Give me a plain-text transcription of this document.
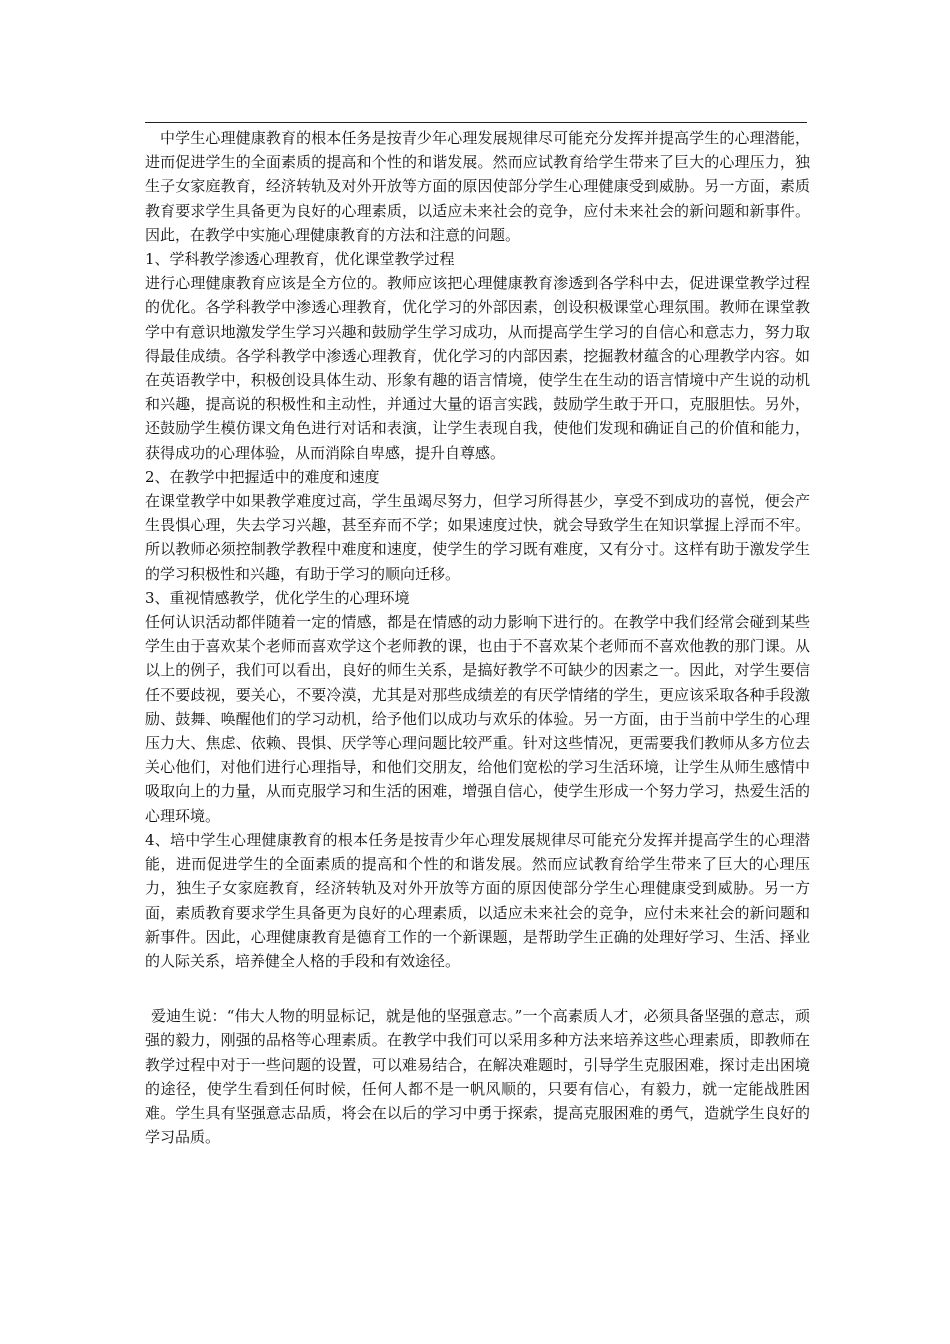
中学生心理健康教育的根本任务是按青少年心理发展规律尽可能充分发挥并提高学生的心理潜能，进而促进学生的全面素质的提高和个性的和谐发展。然而应试教育给学生带来了巨大的心理压力，独生子女家庭教育，经济转轨及对外开放等方面的原因使部分学生心理健康受到威胁。另一方面，素质教育要求学生具备更为良好的心理素质，以适应未来社会的竞争，应付未来社会的新问题和新事件。因此，在教学中实施心理健康教育的方法和注意的问题。

1、学科教学渗透心理教育，优化课堂教学过程

进行心理健康教育应该是全方位的。教师应该把心理健康教育渗透到各学科中去，促进课堂教学过程的优化。各学科教学中渗透心理教育，优化学习的外部因素，创设积极课堂心理氛围。教师在课堂教学中有意识地激发学生学习兴趣和鼓励学生学习成功，从而提高学生学习的自信心和意志力，努力取得最佳成绩。各学科教学中渗透心理教育，优化学习的内部因素，挖掘教材蕴含的心理教学内容。如在英语教学中，积极创设具体生动、形象有趣的语言情境，使学生在生动的语言情境中产生说的动机和兴趣，提高说的积极性和主动性，并通过大量的语言实践，鼓励学生敢于开口，克服胆怯。另外，还鼓励学生模仿课文角色进行对话和表演，让学生表现自我，使他们发现和确证自己的价值和能力，获得成功的心理体验，从而消除自卑感，提升自尊感。

2、在教学中把握适中的难度和速度

在课堂教学中如果教学难度过高，学生虽竭尽努力，但学习所得甚少，享受不到成功的喜悦，便会产生畏惧心理，失去学习兴趣，甚至弃而不学；如果速度过快，就会导致学生在知识掌握上浮而不牢。所以教师必须控制教学教程中难度和速度，使学生的学习既有难度，又有分寸。这样有助于激发学生的学习积极性和兴趣，有助于学习的顺向迁移。

3、重视情感教学，优化学生的心理环境

任何认识活动都伴随着一定的情感，都是在情感的动力影响下进行的。在教学中我们经常会碰到某些学生由于喜欢某个老师而喜欢学这个老师教的课，也由于不喜欢某个老师而不喜欢他教的那门课。从以上的例子，我们可以看出，良好的师生关系，是搞好教学不可缺少的因素之一。因此，对学生要信任不要歧视，要关心，不要冷漠，尤其是对那些成绩差的有厌学情绪的学生，更应该采取各种手段激励、鼓舞、唤醒他们的学习动机，给予他们以成功与欢乐的体验。另一方面，由于当前中学生的心理压力大、焦虑、依赖、畏惧、厌学等心理问题比较严重。针对这些情况，更需要我们教师从多方位去关心他们，对他们进行心理指导，和他们交朋友，给他们宽松的学习生活环境，让学生从师生感情中吸取向上的力量，从而克服学习和生活的困难，增强自信心，使学生形成一个努力学习，热爱生活的心理环境。

4、培中学生心理健康教育的根本任务是按青少年心理发展规律尽可能充分发挥并提高学生的心理潜能，进而促进学生的全面素质的提高和个性的和谐发展。然而应试教育给学生带来了巨大的心理压力，独生子女家庭教育，经济转轨及对外开放等方面的原因使部分学生心理健康受到威胁。另一方面，素质教育要求学生具备更为良好的心理素质，以适应未来社会的竞争，应付未来社会的新问题和新事件。因此，心理健康教育是德育工作的一个新课题，是帮助学生正确的处理好学习、生活、择业的人际关系，培养健全人格的手段和有效途径。

爱迪生说：“伟大人物的明显标记，就是他的坚强意志。”一个高素质人才，必须具备坚强的意志，顽强的毅力，刚强的品格等心理素质。在教学中我们可以采用多种方法来培养这些心理素质，即教师在教学过程中对于一些问题的设置，可以难易结合，在解决难题时，引导学生克服困难，探讨走出困境的途径，使学生看到任何时候，任何人都不是一帆风顺的，只要有信心，有毅力，就一定能战胜困难。学生具有坚强意志品质，将会在以后的学习中勇于探索，提高克服困难的勇气，造就学生良好的学习品质。
